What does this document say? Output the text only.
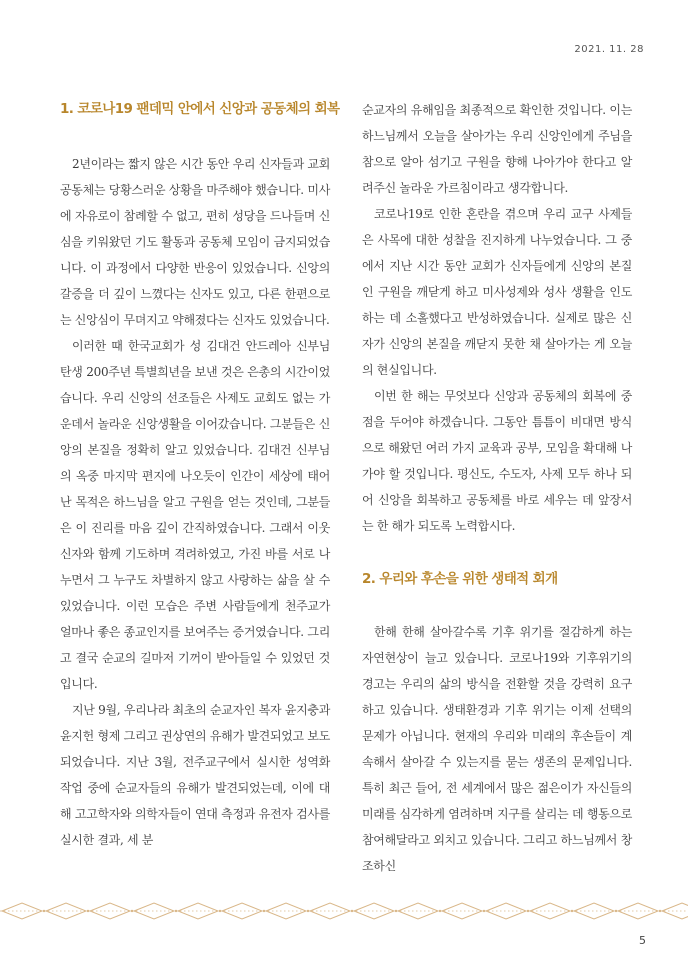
2021. 11. 28
1. 코로나19 팬데믹 안에서 신앙과 공동체의 회복

2년이라는 짧지 않은 시간 동안 우리 신자들과 교회공동체는 당황스러운 상황을 마주해야 했습니다. 미사에 자유로이 참례할 수 없고, 편히 성당을 드나들며 신심을 키워왔던 기도 활동과 공동체 모임이 금지되었습니다. 이 과정에서 다양한 반응이 있었습니다. 신앙의 갈증을 더 깊이 느꼈다는 신자도 있고, 다른 한편으로는 신앙심이 무뎌지고 약해졌다는 신자도 있었습니다.

이러한 때 한국교회가 성 김대건 안드레아 신부님 탄생 200주년 특별희년을 보낸 것은 은총의 시간이었습니다. 우리 신앙의 선조들은 사제도 교회도 없는 가운데서 놀라운 신앙생활을 이어갔습니다. 그분들은 신앙의 본질을 정확히 알고 있었습니다. 김대건 신부님의 옥중 마지막 편지에 나오듯이 인간이 세상에 태어난 목적은 하느님을 알고 구원을 얻는 것인데, 그분들은 이 진리를 마음 깊이 간직하였습니다. 그래서 이웃 신자와 함께 기도하며 격려하였고, 가진 바를 서로 나누면서 그 누구도 차별하지 않고 사랑하는 삶을 살 수 있었습니다. 이런 모습은 주변 사람들에게 천주교가 얼마나 좋은 종교인지를 보여주는 증거였습니다. 그리고 결국 순교의 길마저 기꺼이 받아들일 수 있었던 것입니다.

지난 9월, 우리나라 최초의 순교자인 복자 윤지충과 윤지헌 형제 그리고 권상연의 유해가 발견되었고 보도되었습니다. 지난 3월, 전주교구에서 실시한 성역화 작업 중에 순교자들의 유해가 발견되었는데, 이에 대해 고고학자와 의학자들이 연대 측정과 유전자 검사를 실시한 결과, 세 분

순교자의 유해임을 최종적으로 확인한 것입니다. 이는 하느님께서 오늘을 살아가는 우리 신앙인에게 주님을 참으로 알아 섬기고 구원을 향해 나아가야 한다고 알려주신 놀라운 가르침이라고 생각합니다.

코로나19로 인한 혼란을 겪으며 우리 교구 사제들은 사목에 대한 성찰을 진지하게 나누었습니다. 그 중에서 지난 시간 동안 교회가 신자들에게 신앙의 본질인 구원을 깨닫게 하고 미사성제와 성사 생활을 인도하는 데 소홀했다고 반성하였습니다. 실제로 많은 신자가 신앙의 본질을 깨닫지 못한 채 살아가는 게 오늘의 현실입니다.

이번 한 해는 무엇보다 신앙과 공동체의 회복에 중점을 두어야 하겠습니다. 그동안 틈틈이 비대면 방식으로 해왔던 여러 가지 교육과 공부, 모임을 확대해 나가야 할 것입니다. 평신도, 수도자, 사제 모두 하나 되어 신앙을 회복하고 공동체를 바로 세우는 데 앞장서는 한 해가 되도록 노력합시다.

2. 우리와 후손을 위한 생태적 회개

한해 한해 살아갈수록 기후 위기를 절감하게 하는 자연현상이 늘고 있습니다. 코로나19와 기후위기의 경고는 우리의 삶의 방식을 전환할 것을 강력히 요구하고 있습니다. 생태환경과 기후 위기는 이제 선택의 문제가 아닙니다. 현재의 우리와 미래의 후손들이 계속해서 살아갈 수 있는지를 묻는 생존의 문제입니다. 특히 최근 들어, 전 세계에서 많은 젊은이가 자신들의 미래를 심각하게 염려하며 지구를 살리는 데 행동으로 참여해달라고 외치고 있습니다. 그리고 하느님께서 창조하신

5
